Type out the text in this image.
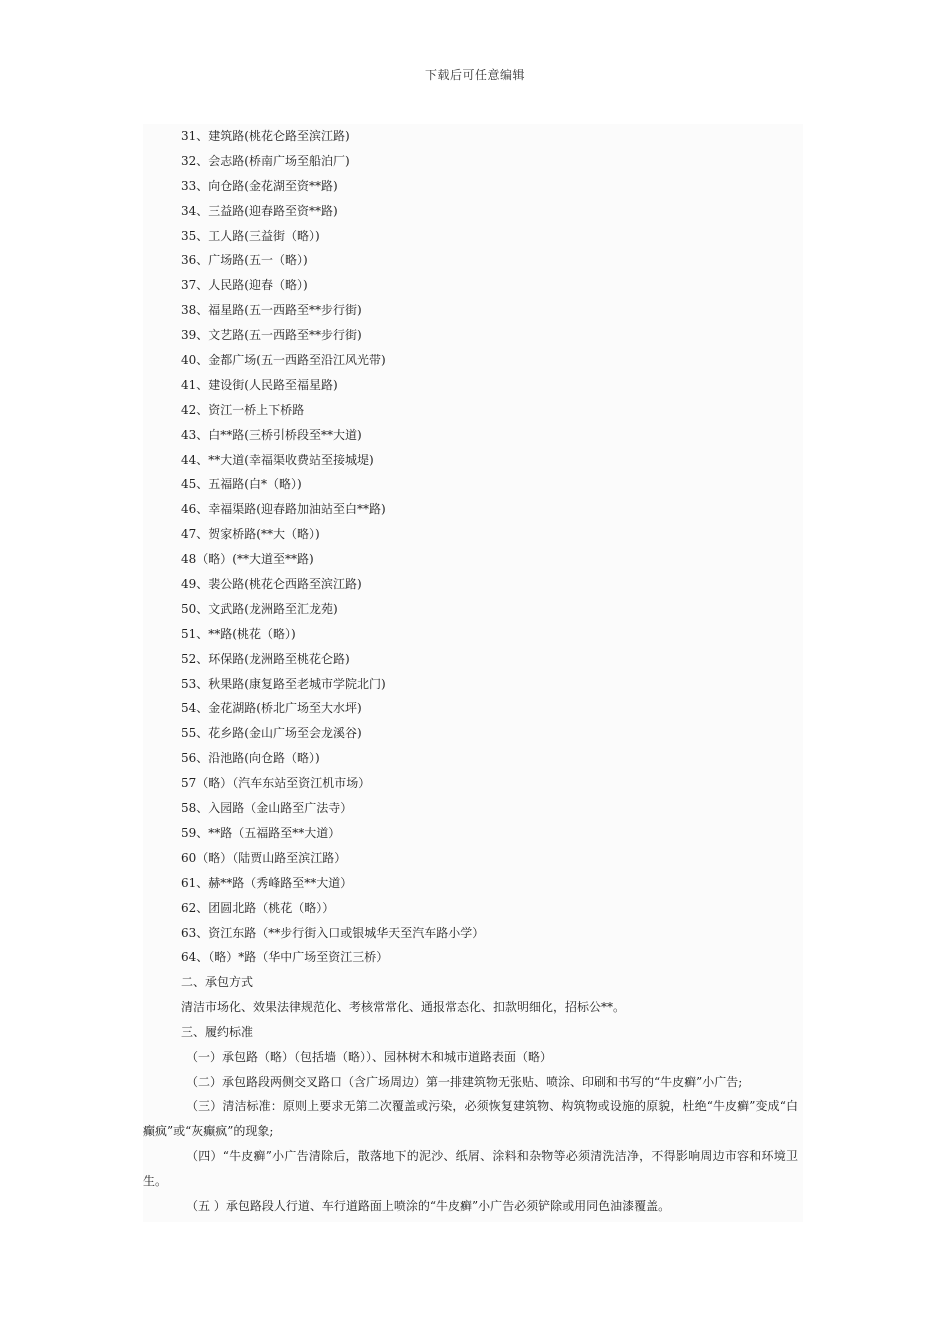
下载后可任意编辑
31、建筑路(桃花仑路至滨江路)
32、会志路(桥南广场至船泊厂)
33、向仓路(金花湖至资**路)
34、三益路(迎春路至资**路)
35、工人路(三益街（略）)
36、广场路(五一（略）)
37、人民路(迎春（略）)
38、福星路(五一西路至**步行街)
39、文艺路(五一西路至**步行街)
40、金都广场(五一西路至沿江风光带)
41、建设街(人民路至福星路)
42、资江一桥上下桥路
43、白**路(三桥引桥段至**大道)
44、**大道(幸福渠收费站至接城堤)
45、五福路(白*（略）)
46、幸福渠路(迎春路加油站至白**路)
47、贺家桥路(**大（略）)
48（略）(**大道至**路)
49、裴公路(桃花仑西路至滨江路)
50、文武路(龙洲路至汇龙苑)
51、**路(桃花（略）)
52、环保路(龙洲路至桃花仑路)
53、秋果路(康复路至老城市学院北门)
54、金花湖路(桥北广场至大水坪)
55、花乡路(金山广场至会龙溪谷)
56、沿池路(向仓路（略）)
57（略）（汽车东站至资江机市场）
58、入园路（金山路至广法寺）
59、**路（五福路至**大道）
60（略）（陆贾山路至滨江路）
61、赫**路（秀峰路至**大道）
62、团圆北路（桃花（略））
63、资江东路（**步行街入口或银城华天至汽车路小学）
64、（略）*路（华中广场至资江三桥）
二、承包方式
清洁市场化、效果法律规范化、考核常常化、通报常态化、扣款明细化，招标公**。
三、履约标准
（一）承包路（略）（包括墙（略））、园林树木和城市道路表面（略）
（二）承包路段两侧交叉路口（含广场周边）第一排建筑物无张贴、喷涂、印刷和书写的“牛皮癣”小广告;
（三）清洁标准：原则上要求无第二次覆盖或污染，必须恢复建筑物、构筑物或设施的原貌，杜绝“牛皮癣”变成“白癫疯”或“灰癫疯”的现象;
（四）“牛皮癣”小广告清除后，散落地下的泥沙、纸屑、涂料和杂物等必须清洗洁净，不得影响周边市容和环境卫生。
（五 ）承包路段人行道、车行道路面上喷涂的“牛皮癣”小广告必须铲除或用同色油漆覆盖。
